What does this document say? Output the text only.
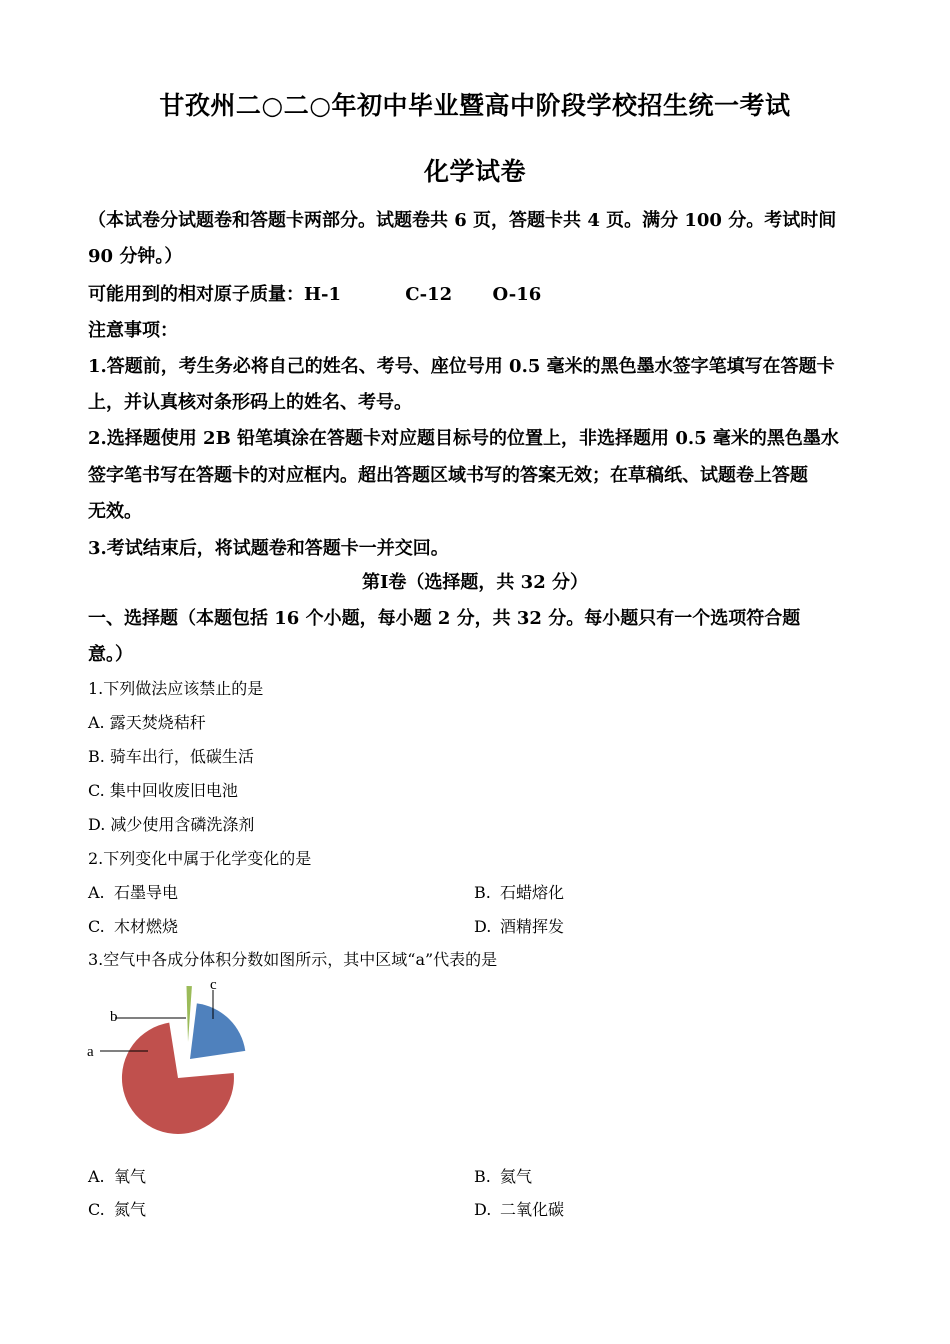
甘孜州二○二○年初中毕业暨高中阶段学校招生统一考试
化学试卷
（本试卷分试题卷和答题卡两部分。试题卷共 6 页，答题卡共 4 页。满分 100 分。考试时间
90 分钟。）
可能用到的相对原子质量：H-1	C-12 O-16
注意事项：
1.答题前，考生务必将自己的姓名、考号、座位号用 0.5 毫米的黑色墨水签字笔填写在答题卡
上，并认真核对条形码上的姓名、考号。
2.选择题使用 2B 铅笔填涂在答题卡对应题目标号的位置上，非选择题用 0.5 毫米的黑色墨水
签字笔书写在答题卡的对应框内。超出答题区域书写的答案无效；在草稿纸、试题卷上答题
无效。
3.考试结束后，将试题卷和答题卡一并交回。
第Ⅰ卷（选择题，共 32 分）
一、选择题（本题包括 16 个小题，每小题 2 分，共 32 分。每小题只有一个选项符合题
意。）
1.下列做法应该禁止的是
A. 露天焚烧秸秆
B. 骑车出行，低碳生活
C. 集中回收废旧电池
D. 减少使用含磷洗涤剂
2.下列变化中属于化学变化的是
A. 石墨导电	B. 石蜡熔化
C. 木材燃烧	D. 酒精挥发
3.空气中各成分体积分数如图所示，其中区域“a”代表的是
a
b
c
A. 氧气	B. 氦气
C. 氮气	D. 二氧化碳
